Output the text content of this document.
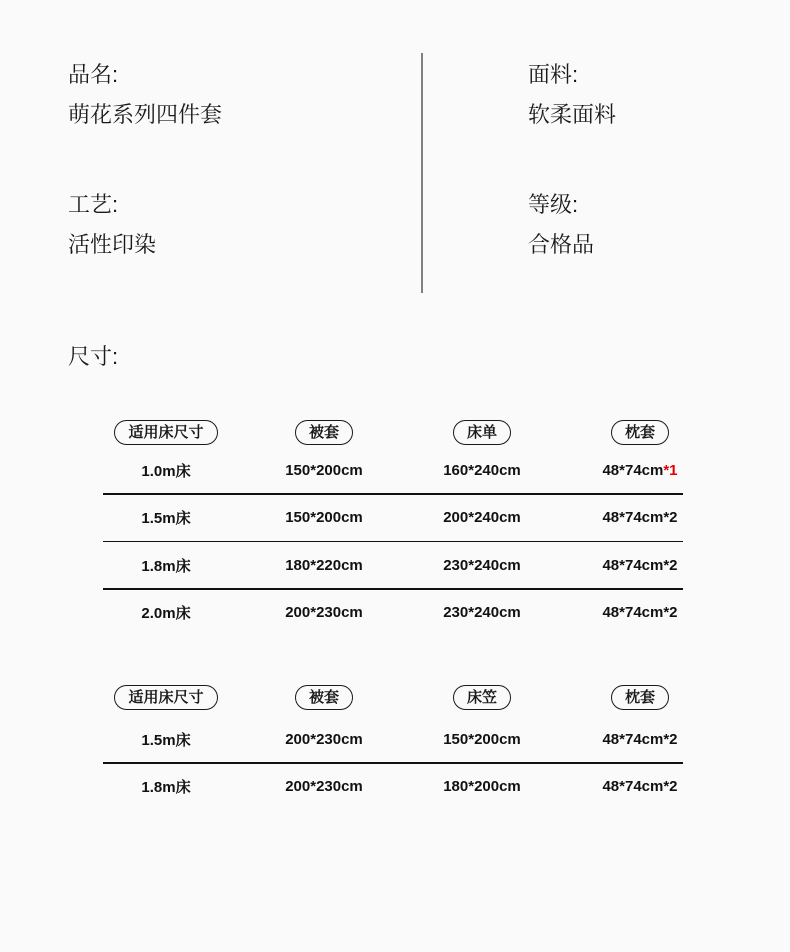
品名:
萌花系列四件套
工艺:
活性印染
面料:
软柔面料
等级:
合格品
尺寸:
适用床尺寸	被套	床单	枕套
1.0m床	150*200cm	160*240cm	48*74cm*1
1.5m床	150*200cm	200*240cm	48*74cm*2
1.8m床	180*220cm	230*240cm	48*74cm*2
2.0m床	200*230cm	230*240cm	48*74cm*2
适用床尺寸	被套	床笠	枕套
1.5m床	200*230cm	150*200cm	48*74cm*2
1.8m床	200*230cm	180*200cm	48*74cm*2
